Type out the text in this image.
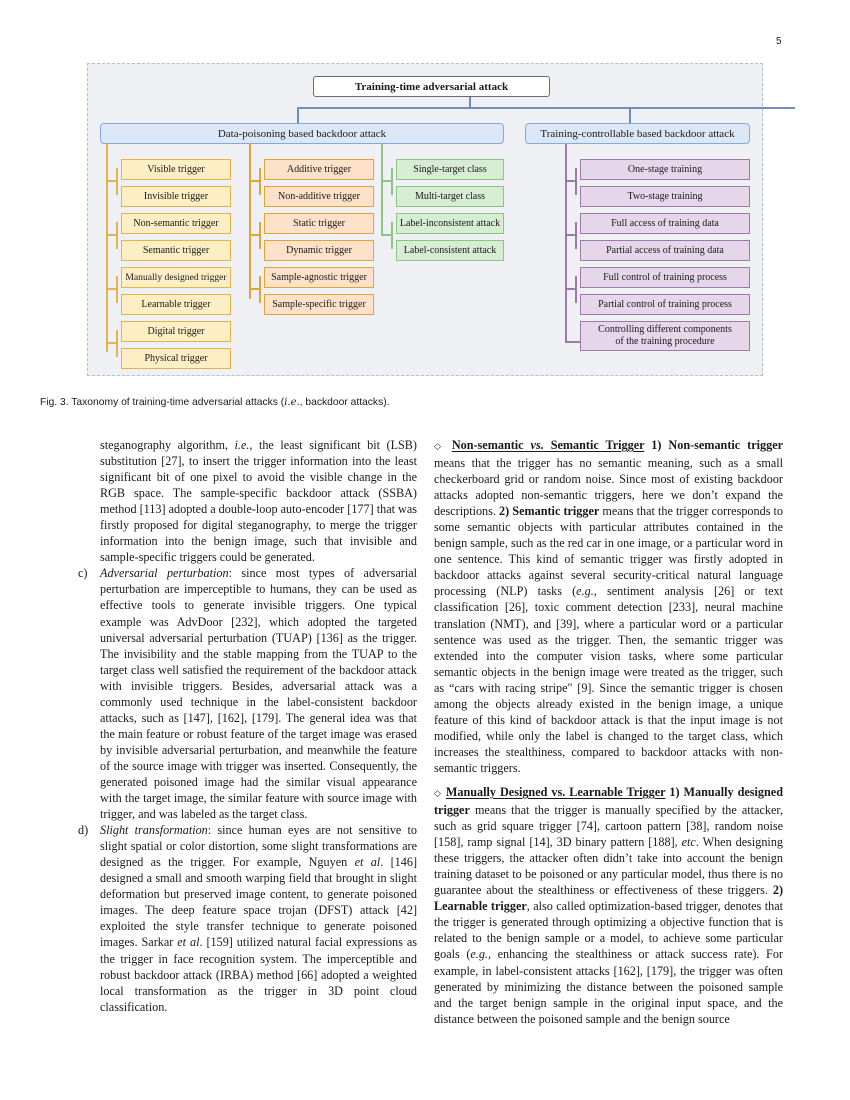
5
Training-time adversarial attack
Data-poisoning based backdoor attack	Training-controllable based backdoor attack
Visible trigger
Invisible trigger
Non-semantic trigger
Semantic trigger
Manually designed trigger
Learnable trigger
Digital trigger
Physical trigger
Additive trigger
Non-additive trigger
Static trigger
Dynamic trigger
Sample-agnostic trigger
Sample-specific trigger
Single-target class
Multi-target class
Label-inconsistent attack
Label-consistent attack
One-stage training
Two-stage training
Full access of training data
Partial access of training data
Full control of training process
Partial control of training process
Controlling different components of the training procedure
Fig. 3. Taxonomy of training-time adversarial attacks (i.e., backdoor attacks).

steganography algorithm, i.e., the least significant bit (LSB) substitution [27], to insert the trigger information into the least significant bit of one pixel to avoid the visible change in the RGB space. The sample-specific backdoor attack (SSBA) method [113] adopted a double-loop auto-encoder [177] that was firstly proposed for digital steganography, to merge the trigger information into the benign image, such that invisible and sample-specific triggers could be generated.

c) Adversarial perturbation: since most types of adversarial perturbation are imperceptible to humans, they can be used as effective tools to generate invisible triggers. One typical example was AdvDoor [232], which adopted the targeted universal adversarial perturbation (TUAP) [136] as the trigger. The invisibility and the stable mapping from the TUAP to the target class well satisfied the requirement of the backdoor attack with invisible triggers. Besides, adversarial attack was a commonly used technique in the label-consistent backdoor attacks, such as [147], [162], [179]. The general idea was that the main feature or robust feature of the target image was erased by invisible adversarial perturbation, and meanwhile the feature of the source image with trigger was inserted. Consequently, the generated poisoned image had the similar visual appearance with the target image, the similar feature with source image with trigger, and was labeled as the target class.

d) Slight transformation: since human eyes are not sensitive to slight spatial or color distortion, some slight transformations are designed as the trigger. For example, Nguyen et al. [146] designed a small and smooth warping field that brought in slight deformation but preserved image content, to generate poisoned images. The deep feature space trojan (DFST) attack [42] exploited the style transfer technique to generate poisoned images. Sarkar et al. [159] utilized natural facial expressions as the trigger in face recognition system. The imperceptible and robust backdoor attack (IRBA) method [66] adopted a weighted local transformation as the trigger in 3D point cloud classification.

◇ Non-semantic vs. Semantic Trigger 1) Non-semantic trigger means that the trigger has no semantic meaning, such as a small checkerboard grid or random noise. Since most of existing backdoor attacks adopted non-semantic triggers, here we don’t expand the descriptions. 2) Semantic trigger means that the trigger corresponds to some semantic objects with particular attributes contained in the benign sample, such as the red car in one image, or a particular word in one sentence. This kind of semantic trigger was firstly adopted in backdoor attacks against several security-critical natural language processing (NLP) tasks (e.g., sentiment analysis [26] or text classification [26], toxic comment detection [233], neural machine translation (NMT), and [39], where a particular word or a particular sentence was used as the trigger. Then, the semantic trigger was extended into the computer vision tasks, where some particular semantic objects in the benign image were treated as the trigger, such as “cars with racing stripe" [9]. Since the semantic trigger is chosen among the objects already existed in the benign image, a unique feature of this kind of backdoor attack is that the input image is not modified, while only the label is changed to the target class, which increases the stealthiness, compared to backdoor attacks with non-semantic triggers.

◇ Manually Designed vs. Learnable Trigger 1) Manually designed trigger means that the trigger is manually specified by the attacker, such as grid square trigger [74], cartoon pattern [38], random noise [158], ramp signal [14], 3D binary pattern [188], etc. When designing these triggers, the attacker often didn’t take into account the benign training dataset to be poisoned or any particular model, thus there is no guarantee about the stealthiness or effectiveness of these triggers. 2) Learnable trigger, also called optimization-based trigger, denotes that the trigger is generated through optimizing a objective function that is related to the benign sample or a model, to achieve some particular goals (e.g., enhancing the stealthiness or attack success rate). For example, in label-consistent attacks [162], [179], the trigger was often generated by minimizing the distance between the poisoned sample and the target benign sample in the original input space, and the distance between the poisoned sample and the benign source
